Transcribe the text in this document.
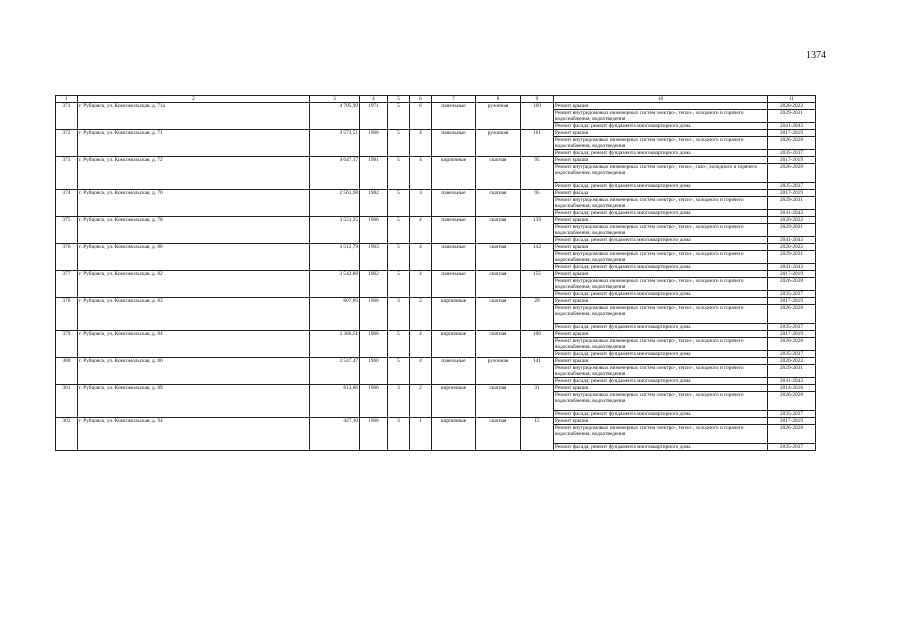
1374
1	2	3	4	5	6	7	8	9	10	11
371	г. Рубцовск, ул. Комсомольская, д. 71а	4 705,99	1971	5	6	панельные	рулонная	169	Ремонт крыши	2020-2022
									Ремонт внутридомовых инженерных систем электро-, тепло-, холодного и горячего водоснабжения, водоотведения	2029-2031
									Ремонт фасада; ремонт фундамента многоквартирного дома	2041-2043
372	г. Рубцовск, ул. Комсомольская, д. 71	3 573,51	1966	5	4	панельные	рулонная	161	Ремонт крыши	2017-2019
									Ремонт внутридомовых инженерных систем электро-, тепло-, холодного и горячего водоснабжения, водоотведения	2026-2028
									Ремонт фасада; ремонт фундамента многоквартирного дома	2035-2037
373	г. Рубцовск, ул. Комсомольская, д. 72	4 647,17	1981	5	4	кирпичные	скатная	95	Ремонт крыши	2017-2019
									Ремонт внутридомовых инженерных систем электро-, тепло-, газо-, холодного и горячего водоснабжения, водоотведения	2026-2028
									Ремонт фасада; ремонт фундамента многоквартирного дома	2035-2037
374	г. Рубцовск, ул. Комсомольская, д. 76	2 561,98	1982	5	3	панельные	скатная	95	Ремонт фасада	2017-2019
									Ремонт внутридомовых инженерных систем электро-, тепло-, холодного и горячего водоснабжения, водоотведения	2029-2031
									Ремонт фасада; ремонт фундамента многоквартирного дома	2041-2043
375	г. Рубцовск, ул. Комсомольская, д. 78	3 551,25	1966	5	4	панельные	скатная	139	Ремонт крыши	2020-2022
									Ремонт внутридомовых инженерных систем электро-, тепло-, холодного и горячего водоснабжения, водоотведения	2029-2031
									Ремонт фасада; ремонт фундамента многоквартирного дома	2041-2043
376	г. Рубцовск, ул. Комсомольская, д. 80	3 512,79	1963	5	4	панельные	скатная	142	Ремонт крыши	2020-2022
									Ремонт внутридомовых инженерных систем электро-, тепло-, холодного и горячего водоснабжения, водоотведения	2029-2031
									Ремонт фасада; ремонт фундамента многоквартирного дома	2041-2043
377	г. Рубцовск, ул. Комсомольская, д. 82	3 542,88	1962	5	4	панельные	скатная	155	Ремонт крыши	2017-2019
									Ремонт внутридомовых инженерных систем электро-, тепло-, холодного и горячего водоснабжения, водоотведения	2026-2028
									Ремонт фасада; ремонт фундамента многоквартирного дома	2035-2037
378	г. Рубцовск, ул. Комсомольская, д. 83	807,89	1966	3	2	кирпичные	скатная	29	Ремонт крыши	2017-2019
									Ремонт внутридомовых инженерных систем электро-, тепло-, холодного и горячего водоснабжения, водоотведения	2026-2028
									Ремонт фасада; ремонт фундамента многоквартирного дома	2035-2037
379	г. Рубцовск, ул. Комсомольская, д. 84	3 386,51	1966	5	4	кирпичные	скатная	100	Ремонт крыши	2017-2019
									Ремонт внутридомовых инженерных систем электро-, тепло-, холодного и горячего водоснабжения, водоотведения	2026-2028
									Ремонт фасада; ремонт фундамента многоквартирного дома	2035-2037
380	г. Рубцовск, ул. Комсомольская, д. 86	3 547,47	1960	5	4	панельные	рулонная	141	Ремонт крыши	2020-2022
									Ремонт внутридомовых инженерных систем электро-, тепло-, холодного и горячего водоснабжения, водоотведения	2029-2031
									Ремонт фасада; ремонт фундамента многоквартирного дома	2041-2043
381	г. Рубцовск, ул. Комсомольская, д. 89	813,86	1966	3	2	кирпичные	скатная	31	Ремонт крыши	2014-2016
									Ремонт внутридомовых инженерных систем электро-, тепло-, холодного и горячего водоснабжения, водоотведения	2026-2028
									Ремонт фасада; ремонт фундамента многоквартирного дома	2035-2037
382	г. Рубцовск, ул. Комсомольская, д. 94	427,10	1966	3	1	кирпичные	скатная	15	Ремонт крыши	2017-2019
									Ремонт внутридомовых инженерных систем электро-, тепло-, холодного и горячего водоснабжения, водоотведения	2026-2028
									Ремонт фасада; ремонт фундамента многоквартирного дома	2035-2037
